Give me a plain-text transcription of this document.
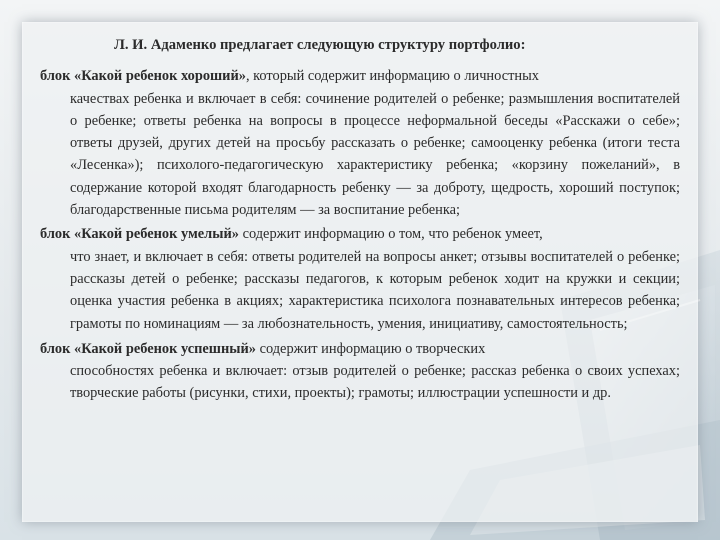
Л. И. Адаменко предлагает следующую структуру портфолио:
блок «Какой ребенок хороший», который содержит информацию о личностных
качествах ребенка и включает в себя: сочинение родителей о ребенке; размышления воспитателей о ребенке; ответы ребенка на вопросы в процессе неформальной беседы «Расскажи о себе»; ответы друзей, других детей на просьбу рассказать о ребенке; самооценку ребенка (итоги теста «Лесенка»); психолого-педагогическую характеристику ребенка; «корзину пожеланий», в содержание которой входят благодарность ребенку — за доброту, щедрость, хороший поступок; благодарственные письма родителям — за воспитание ребенка;
блок «Какой ребенок умелый» содержит информацию о том, что ребенок умеет,
что знает, и включает в себя: ответы родителей на вопросы анкет; отзывы воспитателей о ребенке; рассказы детей о ребенке; рассказы педагогов, к которым ребенок ходит на кружки и секции; оценка участия ребенка в акциях; характеристика психолога познавательных интересов ребенка; грамоты по номинациям — за любознательность, умения, инициативу, самостоятельность;
блок «Какой ребенок успешный» содержит информацию о творческих
способностях ребенка и включает: отзыв родителей о ребенке; рассказ ребенка о своих успехах; творческие работы (рисунки, стихи, проекты); грамоты; иллюстрации успешности и др.
